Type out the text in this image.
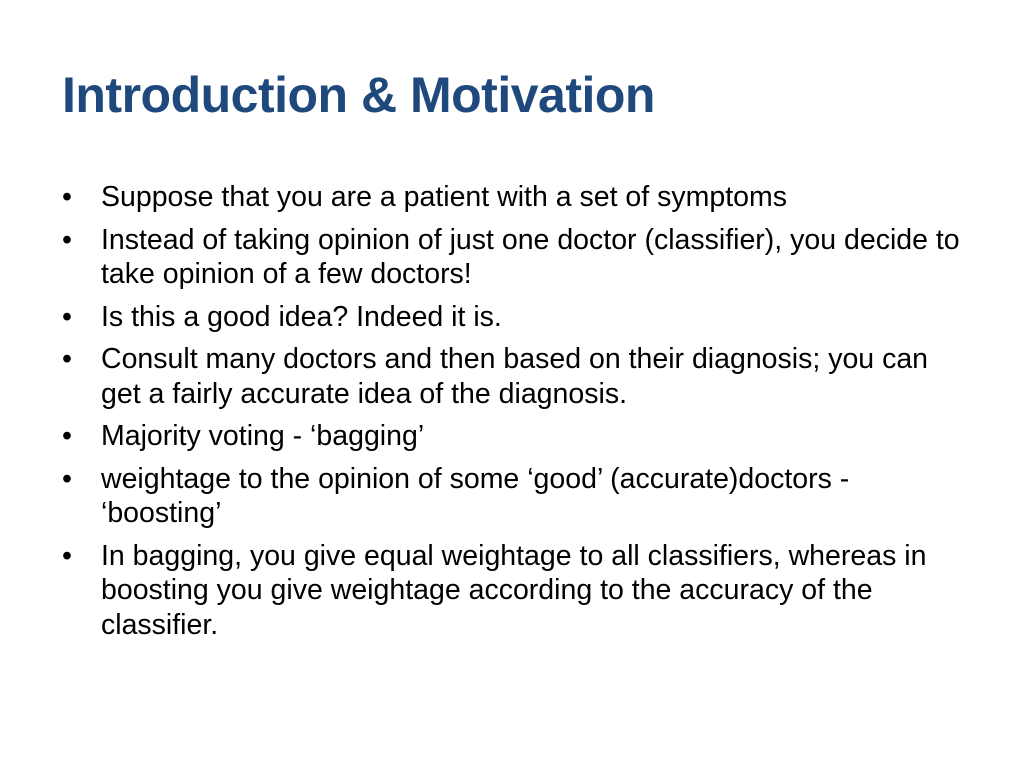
Introduction & Motivation
• Suppose that you are a patient with a set of symptoms
• Instead of taking opinion of just one doctor (classifier), you decide to take opinion of a few doctors!
• Is this a good idea? Indeed it is.
• Consult many doctors and then based on their diagnosis; you can get a fairly accurate idea of the diagnosis.
• Majority voting - ‘bagging’
• weightage to the opinion of some ‘good’ (accurate)doctors - ‘boosting’
• In bagging, you give equal weightage to all classifiers, whereas in boosting you give weightage according to the accuracy of the classifier.
